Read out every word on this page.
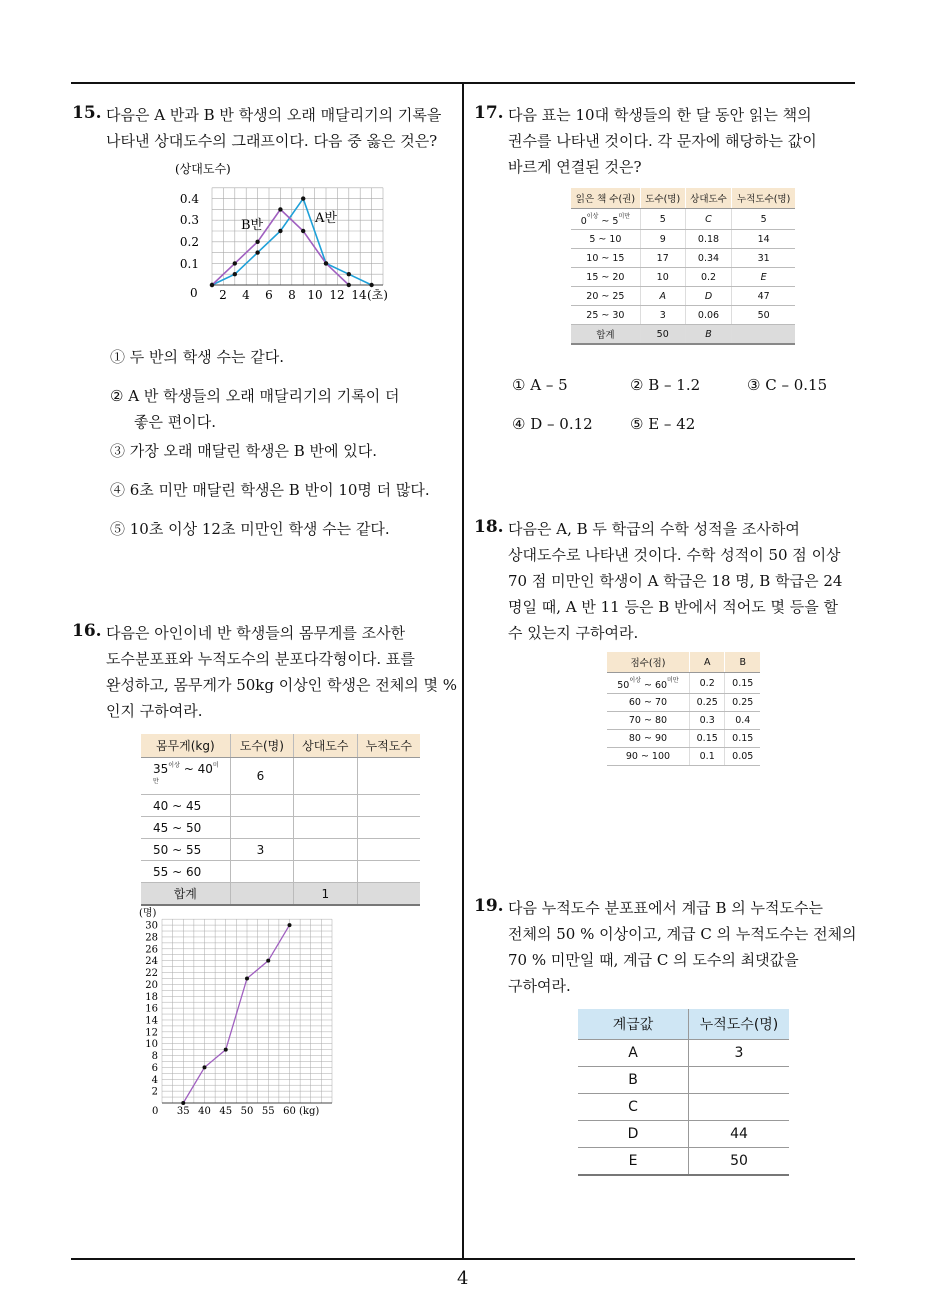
15. 다음은 A 반과 B 반 학생의 오래 매달리기의 기록을
나타낸 상대도수의 그래프이다. 다음 중 옳은 것은?
(상대도수)
0.4
0.3
0.2
0.1
0 2 4 6 8 10 12 14 (초)
B반	A반
① 두 반의 학생 수는 같다.
② A 반 학생들의 오래 매달리기의 기록이 더
좋은 편이다.
③ 가장 오래 매달린 학생은 B 반에 있다.
④ 6초 미만 매달린 학생은 B 반이 10명 더 많다.
⑤ 10초 이상 12초 미만인 학생 수는 같다.
16. 다음은 아인이네 반 학생들의 몸무게를 조사한
도수분포표와 누적도수의 분포다각형이다. 표를
완성하고, 몸무게가 50kg 이상인 학생은 전체의 몇 %
인지 구하여라.
몸무게(kg)	도수(명)	상대도수	누적도수
$35^{이상}$ ~ $40^{미만}$	6		
40 ~ 45			
45 ~ 50			
50 ~ 55	3		
55 ~ 60			
합계		1	
(명)
30
28
26
24
22
20
18
16
14
12
10
8
6
4
2
0 35 40 45 50 55 60 (kg)
17. 다음 표는 10대 학생들의 한 달 동안 읽는 책의
권수를 나타낸 것이다. 각 문자에 해당하는 값이
바르게 연결된 것은?
읽은 책 수(권)	도수(명)	상대도수	누적도수(명)
$0^{이상}$ ~ $5^{미만}$	5	C	5
5 ~ 10	9	0.18	14
10 ~ 15	17	0.34	31
15 ~ 20	10	0.2	E
20 ~ 25	A	D	47
25 ~ 30	3	0.06	50
합계	50	B	
① A – 5	② B – 1.2	③ C – 0.15
④ D – 0.12 ⑤ E – 42
18. 다음은 A, B 두 학급의 수학 성적을 조사하여
상대도수로 나타낸 것이다. 수학 성적이 50 점 이상
70 점 미만인 학생이 A 학급은 18 명, B 학급은 24
명일 때, A 반 11 등은 B 반에서 적어도 몇 등을 할
수 있는지 구하여라.
점수(점)	A	B
$50^{이상}$ ~ $60^{미만}$	0.2	0.15
60 ~ 70	0.25	0.25
70 ~ 80	0.3	0.4
80 ~ 90	0.15	0.15
90 ~ 100	0.1	0.05
19. 다음 누적도수 분포표에서 계급 B 의 누적도수는
전체의 50 % 이상이고, 계급 C 의 누적도수는 전체의
70 % 미만일 때, 계급 C 의 도수의 최댓값을
구하여라.
계급값	누적도수(명)
A	3
B	
C	
D	44
E	50
4
